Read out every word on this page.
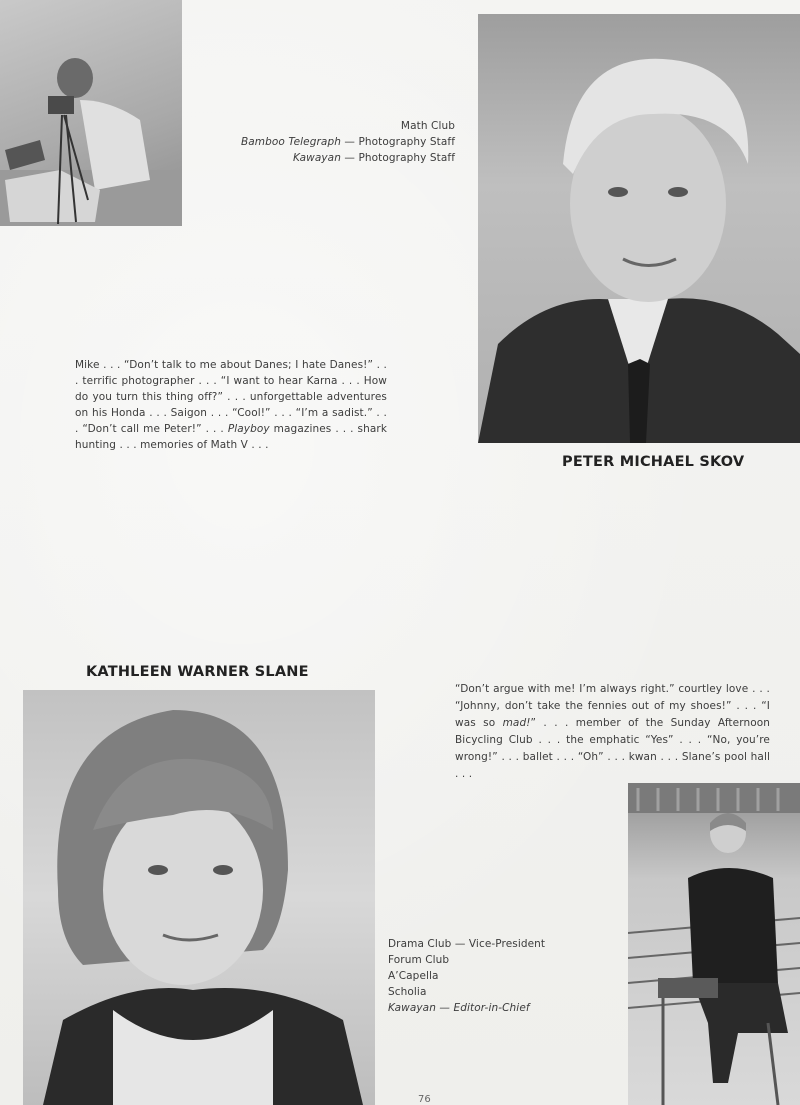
Math Club
Bamboo Telegraph — Photography Staff
Kawayan — Photography Staff
Mike . . . “Don’t talk to me about Danes; I hate Danes!” . . . terrific photographer . . . “I want to hear Karna . . . How do you turn this thing off?” . . . unforgettable adventures on his Honda . . . Saigon . . . “Cool!” . . . “I’m a sadist.” . . . “Don’t call me Peter!” . . . Playboy magazines . . . shark hunting . . . memories of Math V . . .
PETER MICHAEL SKOV
KATHLEEN WARNER SLANE
“Don’t argue with me! I’m always right.” courtley love . . . “Johnny, don’t take the fennies out of my shoes!” . . . “I was so mad!” . . . member of the Sunday Afternoon Bicycling Club . . . the emphatic “Yes” . . . “No, you’re wrong!” . . . ballet . . . “Oh” . . . kwan . . . Slane’s pool hall . . .
Drama Club — Vice-President
Forum Club
A’Capella
Scholia
Kawayan — Editor-in-Chief
76
